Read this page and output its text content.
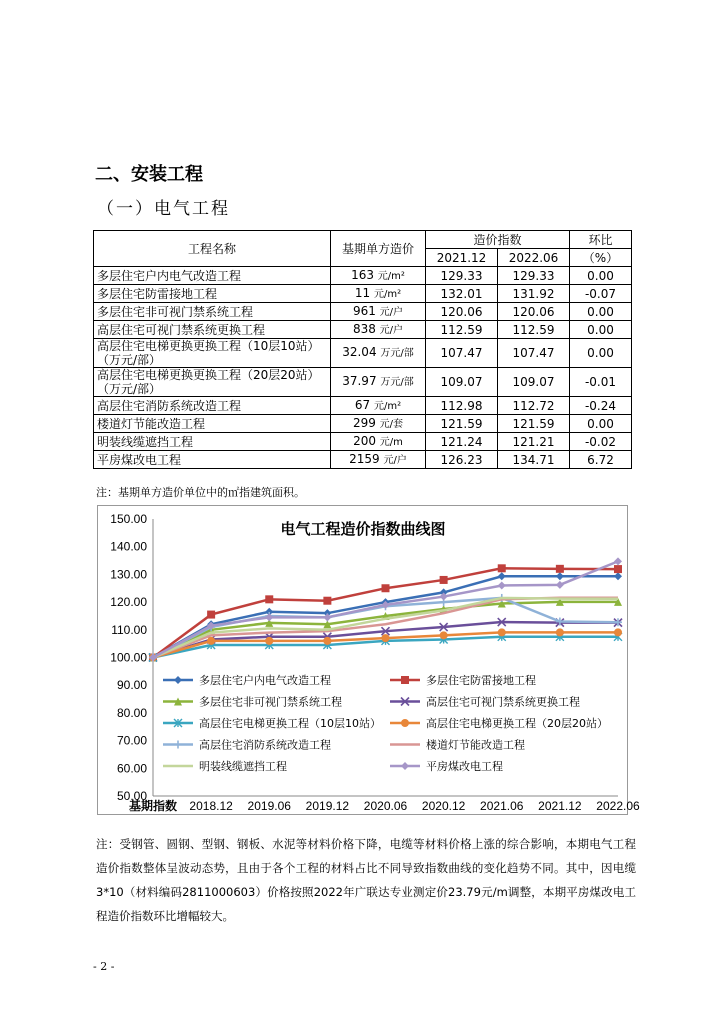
二、安装工程
（一）电气工程
工程名称	基期单方造价	造价指数		环比
		2021.12	2022.06	（%）
多层住宅户内电气改造工程	163 元/m²	129.33	129.33	0.00
多层住宅防雷接地工程	11 元/m²	132.01	131.92	-0.07
多层住宅非可视门禁系统工程	961 元/户	120.06	120.06	0.00
高层住宅可视门禁系统更换工程	838 元/户	112.59	112.59	0.00
高层住宅电梯更换更换工程（10层10站）（万元/部）	32.04 万元/部	107.47	107.47	0.00
高层住宅电梯更换更换工程（20层20站）（万元/部）	37.97 万元/部	109.07	109.07	-0.01
高层住宅消防系统改造工程	67 元/m²	112.98	112.72	-0.24
楼道灯节能改造工程	299 元/套	121.59	121.59	0.00
明装线缆遮挡工程	200 元/m	121.24	121.21	-0.02
平房煤改电工程	2159 元/户	126.23	134.71	6.72
注：基期单方造价单位中的㎡指建筑面积。
50.00
60.00
70.00
80.00
90.00
100.00
110.00
120.00
130.00
140.00
150.00
基期指数 2018.12 2019.06 2019.12 2020.06 2020.12 2021.06 2021.12 2022.06
电气工程造价指数曲线图
多层住宅户内电气改造工程	多层住宅防雷接地工程
多层住宅非可视门禁系统工程	高层住宅可视门禁系统更换工程
高层住宅电梯更换工程（10层10站）	高层住宅电梯更换工程（20层20站）
高层住宅消防系统改造工程	楼道灯节能改造工程
明装线缆遮挡工程	平房煤改电工程
注：受钢管、圆钢、型钢、钢板、水泥等材料价格下降，电缆等材料价格上涨的综合影响，本期电气工程造价指数整体呈波动态势，且由于各个工程的材料占比不同导致指数曲线的变化趋势不同。其中，因电缆3*10（材料编码2811000603）价格按照2022年广联达专业测定价23.79元/m调整，本期平房煤改电工程造价指数环比增幅较大。
- 2 -
